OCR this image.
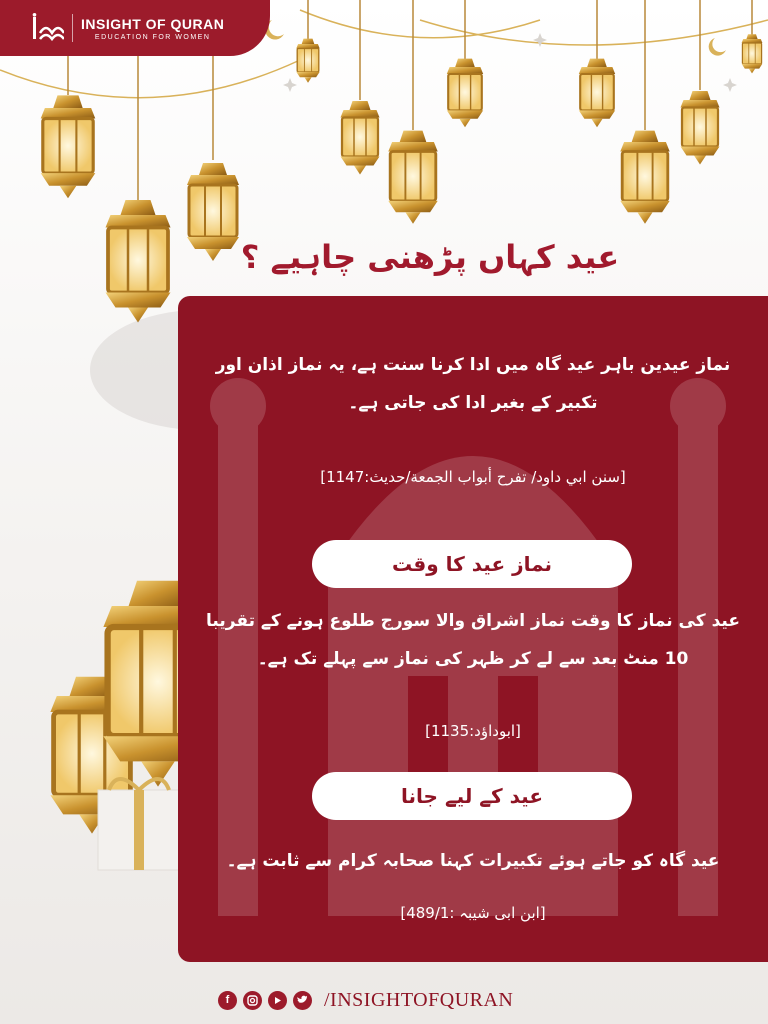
INSIGHT OF QURAN
EDUCATION FOR WOMEN
عید کہاں پڑھنی چاہیے ؟
نماز عیدین باہر عید گاہ میں ادا کرنا سنت ہے، یہ نماز اذان اور تکبیر کے بغیر ادا کی جاتی ہے۔
[سنن ابي داود/ تفرح أبواب الجمعة/حديث:1147]
نماز عید کا وقت
عید کی نماز کا وقت نماز اشراق والا سورج طلوع ہونے کے تقریبا 10 منٹ بعد سے لے کر ظہر کی نماز سے پہلے تک ہے۔
[ابوداؤد:1135]
عید کے لیے جانا
عید گاہ کو جاتے ہوئے تکبیرات کہنا صحابہ کرام سے ثابت ہے۔
[ابن ابی شیبہ :489/1]
f	/INSIGHTOFQURAN
